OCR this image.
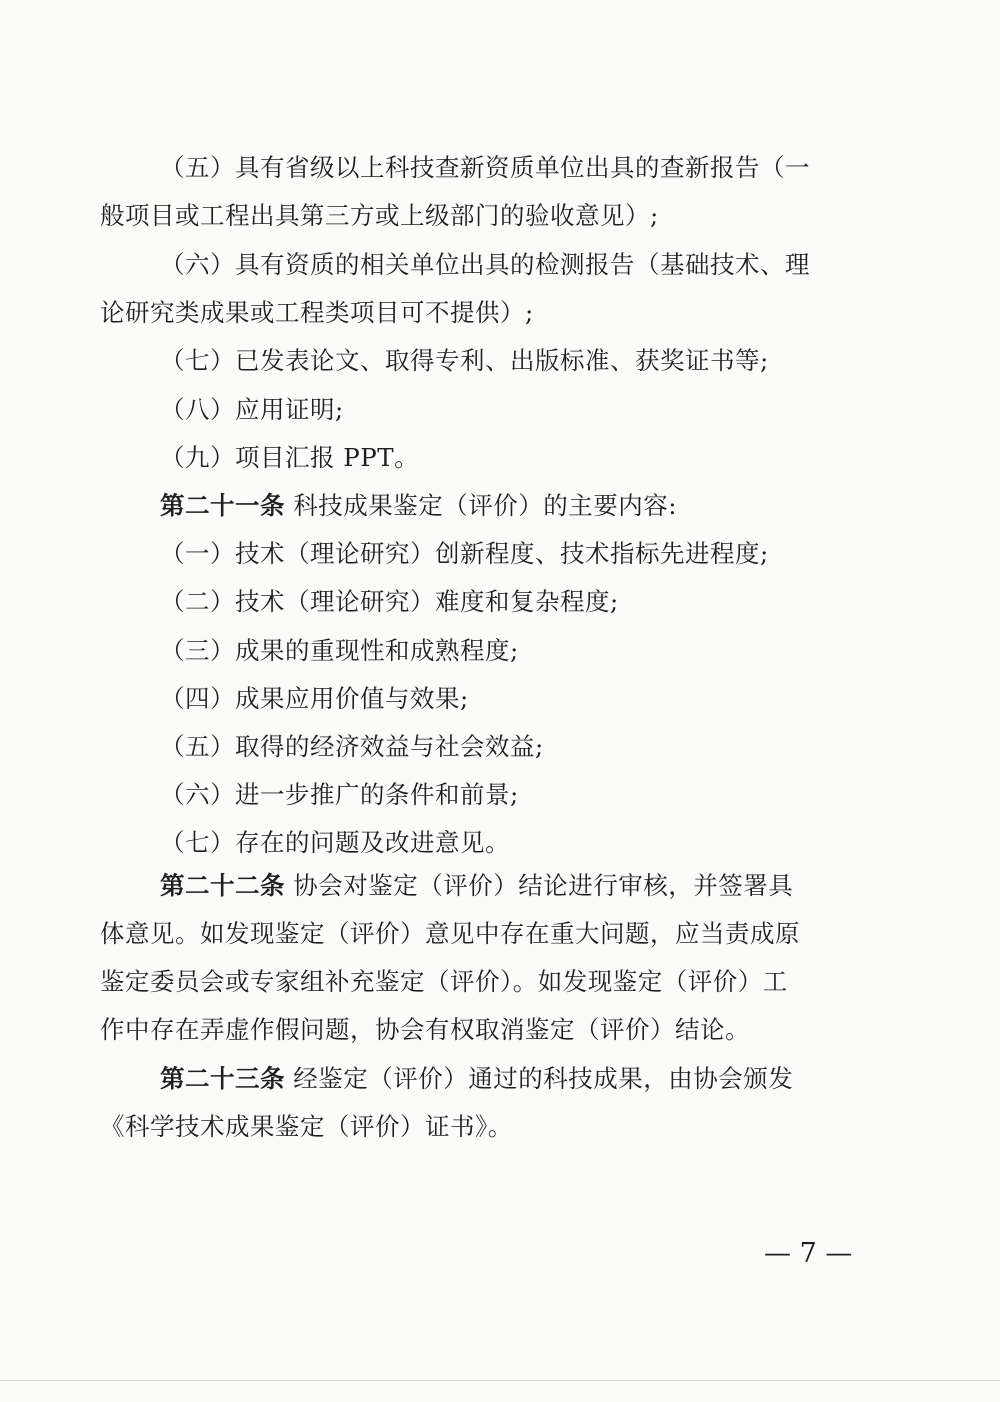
（五）具有省级以上科技查新资质单位出具的查新报告（一
般项目或工程出具第三方或上级部门的验收意见）;
（六）具有资质的相关单位出具的检测报告（基础技术、理
论研究类成果或工程类项目可不提供）;
（七）已发表论文、取得专利、出版标准、获奖证书等;
（八）应用证明;
（九）项目汇报 PPT。
第二十一条 科技成果鉴定（评价）的主要内容:
（一）技术（理论研究）创新程度、技术指标先进程度;
（二）技术（理论研究）难度和复杂程度;
（三）成果的重现性和成熟程度;
（四）成果应用价值与效果;
（五）取得的经济效益与社会效益;
（六）进一步推广的条件和前景;
（七）存在的问题及改进意见。
第二十二条 协会对鉴定（评价）结论进行审核，并签署具
体意见。如发现鉴定（评价）意见中存在重大问题，应当责成原
鉴定委员会或专家组补充鉴定（评价）。如发现鉴定（评价）工
作中存在弄虚作假问题，协会有权取消鉴定（评价）结论。
第二十三条 经鉴定（评价）通过的科技成果，由协会颁发
《科学技术成果鉴定（评价）证书》。
— 7 —
